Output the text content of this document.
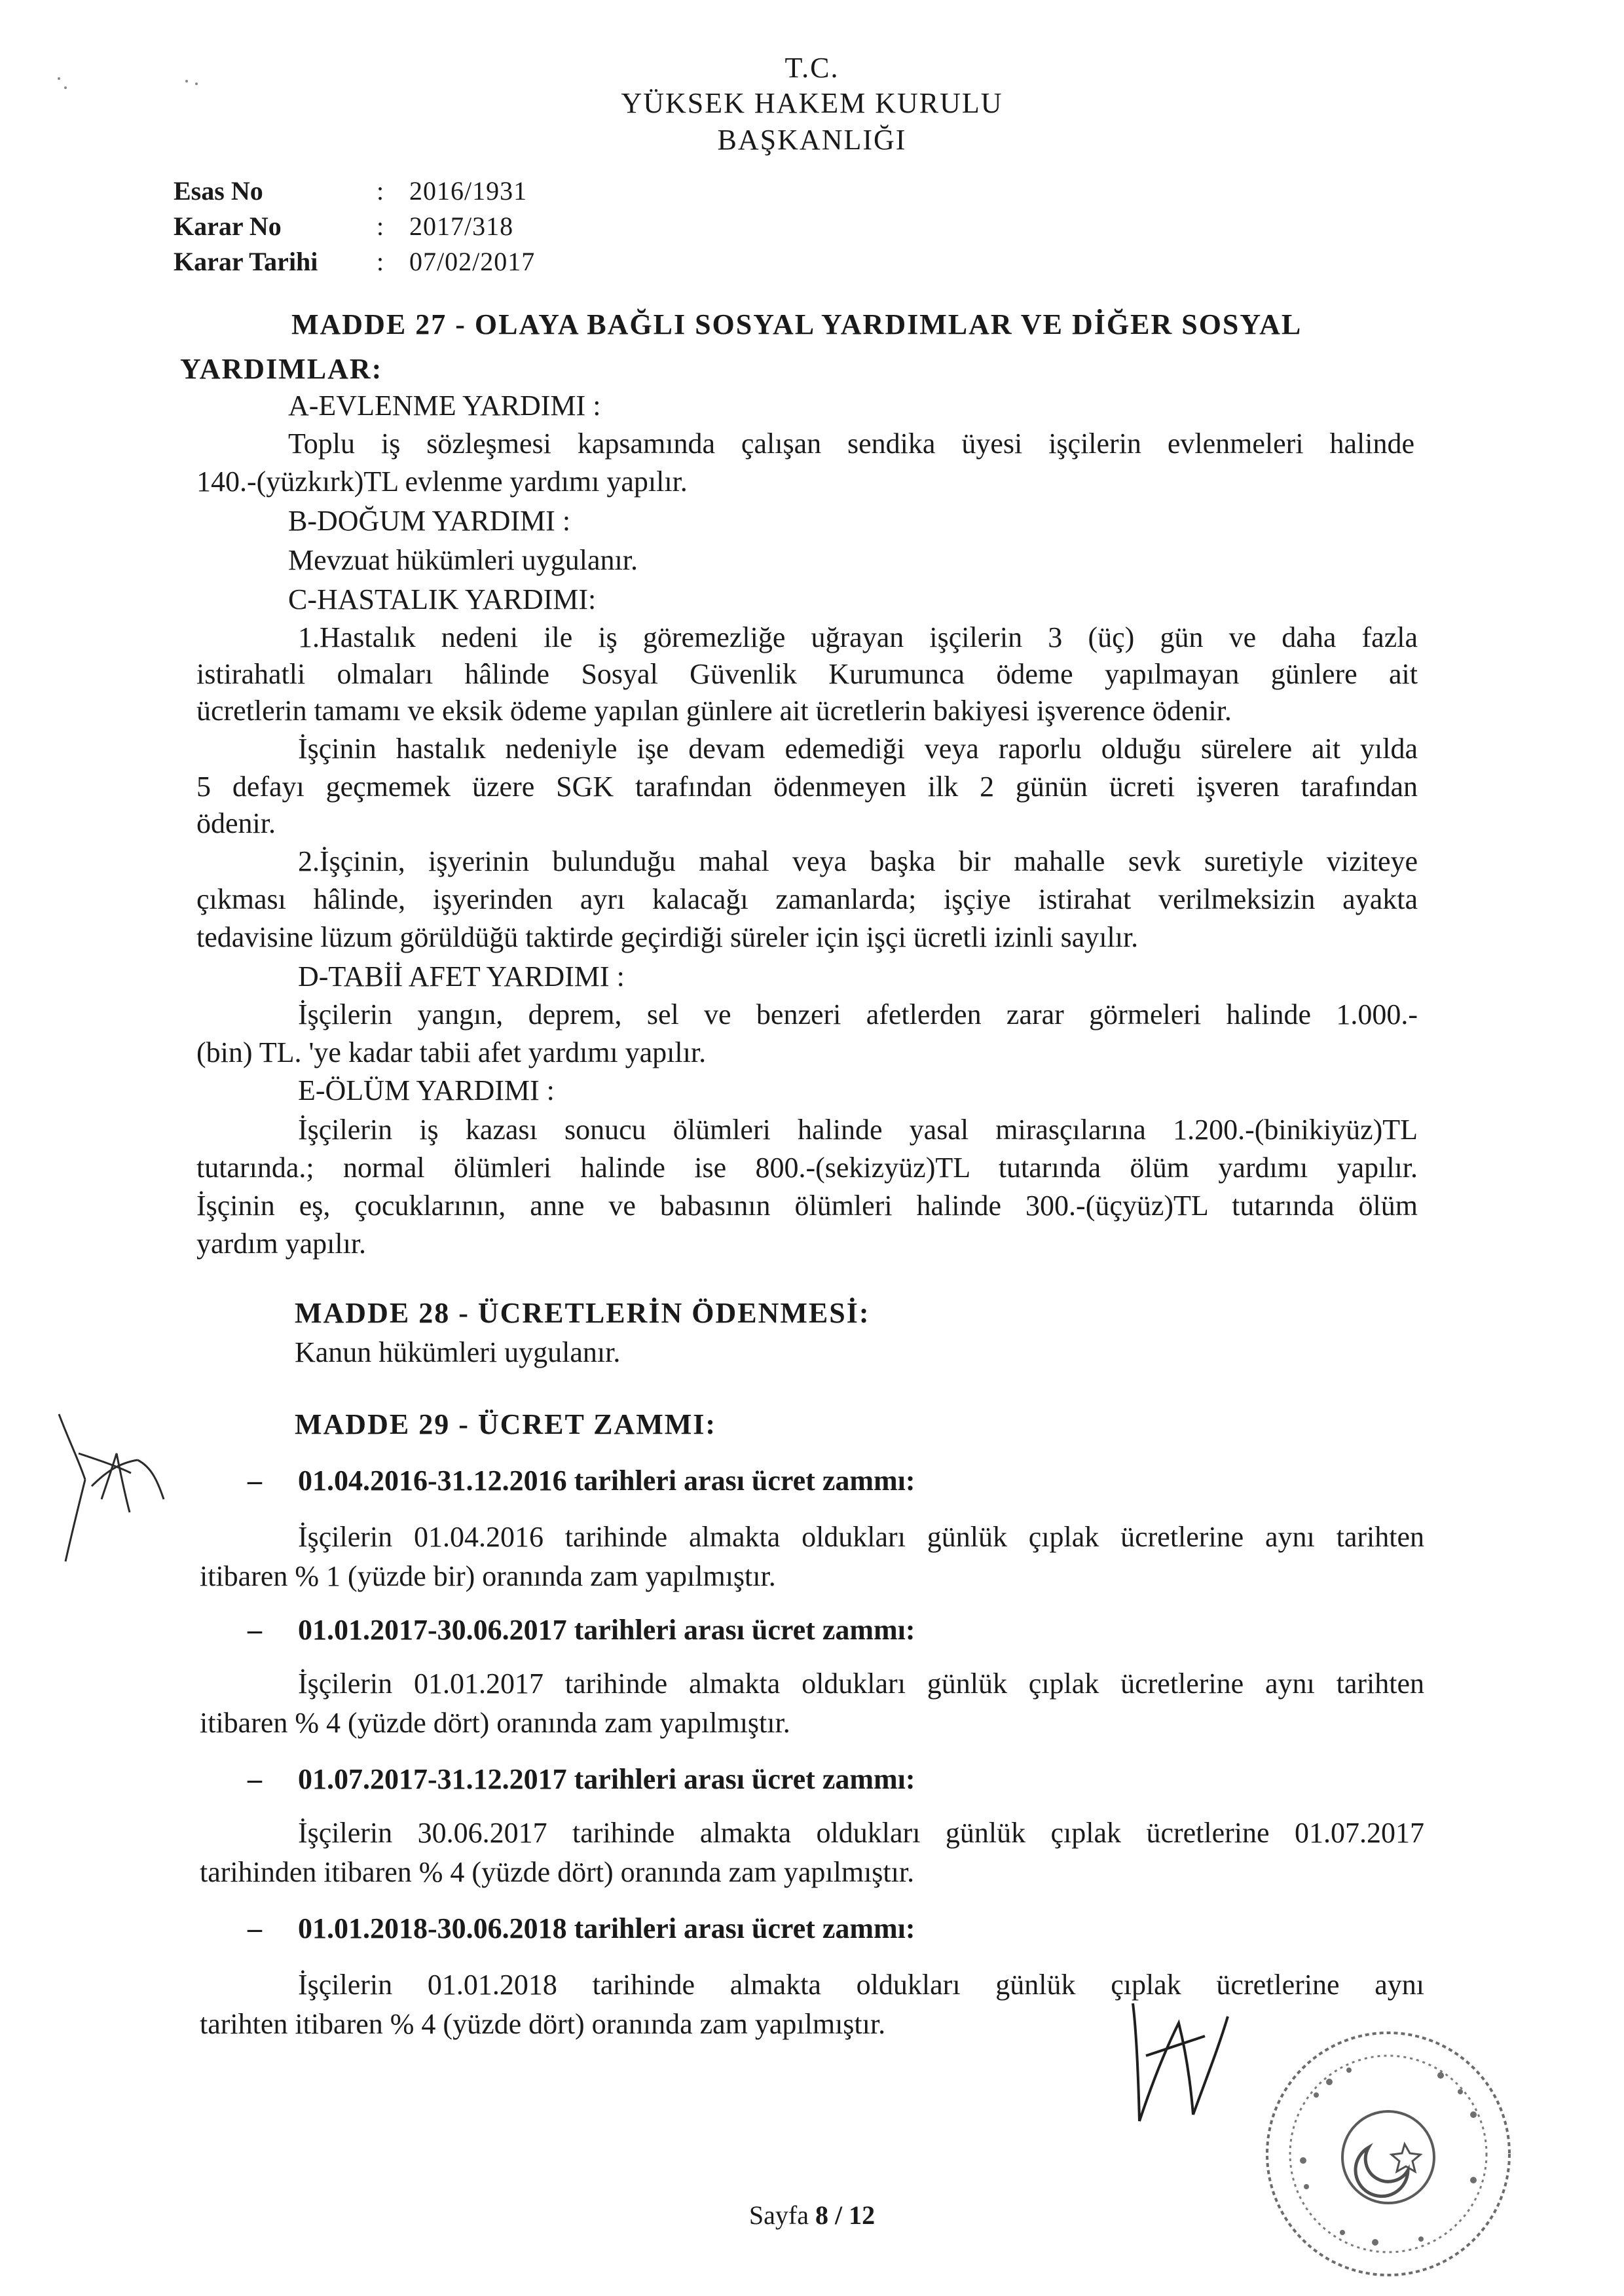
T.C.
YÜKSEK HAKEM KURULU
BAŞKANLIĞI
Esas No	: 2016/1931
Karar No	: 2017/318
Karar Tarihi : 07/02/2017
MADDE 27 - OLAYA BAĞLI SOSYAL YARDIMLAR VE DİĞER SOSYAL
YARDIMLAR:
A-EVLENME YARDIMI :
Toplu iş sözleşmesi kapsamında çalışan sendika üyesi işçilerin evlenmeleri halinde
140.-(yüzkırk)TL evlenme yardımı yapılır.
B-DOĞUM YARDIMI :
Mevzuat hükümleri uygulanır.
C-HASTALIK YARDIMI:
1.Hastalık nedeni ile iş göremezliğe uğrayan işçilerin 3 (üç) gün ve daha fazla
istirahatli olmaları hâlinde Sosyal Güvenlik Kurumunca ödeme yapılmayan günlere ait
ücretlerin tamamı ve eksik ödeme yapılan günlere ait ücretlerin bakiyesi işverence ödenir.
İşçinin hastalık nedeniyle işe devam edemediği veya raporlu olduğu sürelere ait yılda
5 defayı geçmemek üzere SGK tarafından ödenmeyen ilk 2 günün ücreti işveren tarafından
ödenir.
2.İşçinin, işyerinin bulunduğu mahal veya başka bir mahalle sevk suretiyle viziteye
çıkması hâlinde, işyerinden ayrı kalacağı zamanlarda; işçiye istirahat verilmeksizin ayakta
tedavisine lüzum görüldüğü taktirde geçirdiği süreler için işçi ücretli izinli sayılır.
D-TABİİ AFET YARDIMI :
İşçilerin yangın, deprem, sel ve benzeri afetlerden zarar görmeleri halinde 1.000.-
(bin) TL. 'ye kadar tabii afet yardımı yapılır.
E-ÖLÜM YARDIMI :
İşçilerin iş kazası sonucu ölümleri halinde yasal mirasçılarına 1.200.-(binikiyüz)TL
tutarında.; normal ölümleri halinde ise 800.-(sekizyüz)TL tutarında ölüm yardımı yapılır.
İşçinin eş, çocuklarının, anne ve babasının ölümleri halinde 300.-(üçyüz)TL tutarında ölüm
yardım yapılır.
MADDE 28 - ÜCRETLERİN ÖDENMESİ:
Kanun hükümleri uygulanır.
MADDE 29 - ÜCRET ZAMMI:
– 01.04.2016-31.12.2016 tarihleri arası ücret zammı:
İşçilerin 01.04.2016 tarihinde almakta oldukları günlük çıplak ücretlerine aynı tarihten
itibaren % 1 (yüzde bir) oranında zam yapılmıştır.
– 01.01.2017-30.06.2017 tarihleri arası ücret zammı:
İşçilerin 01.01.2017 tarihinde almakta oldukları günlük çıplak ücretlerine aynı tarihten
itibaren % 4 (yüzde dört) oranında zam yapılmıştır.
– 01.07.2017-31.12.2017 tarihleri arası ücret zammı:
İşçilerin 30.06.2017 tarihinde almakta oldukları günlük çıplak ücretlerine 01.07.2017
tarihinden itibaren % 4 (yüzde dört) oranında zam yapılmıştır.
– 01.01.2018-30.06.2018 tarihleri arası ücret zammı:
İşçilerin 01.01.2018 tarihinde almakta oldukları günlük çıplak ücretlerine aynı
tarihten itibaren % 4 (yüzde dört) oranında zam yapılmıştır.
Sayfa 8 / 12
